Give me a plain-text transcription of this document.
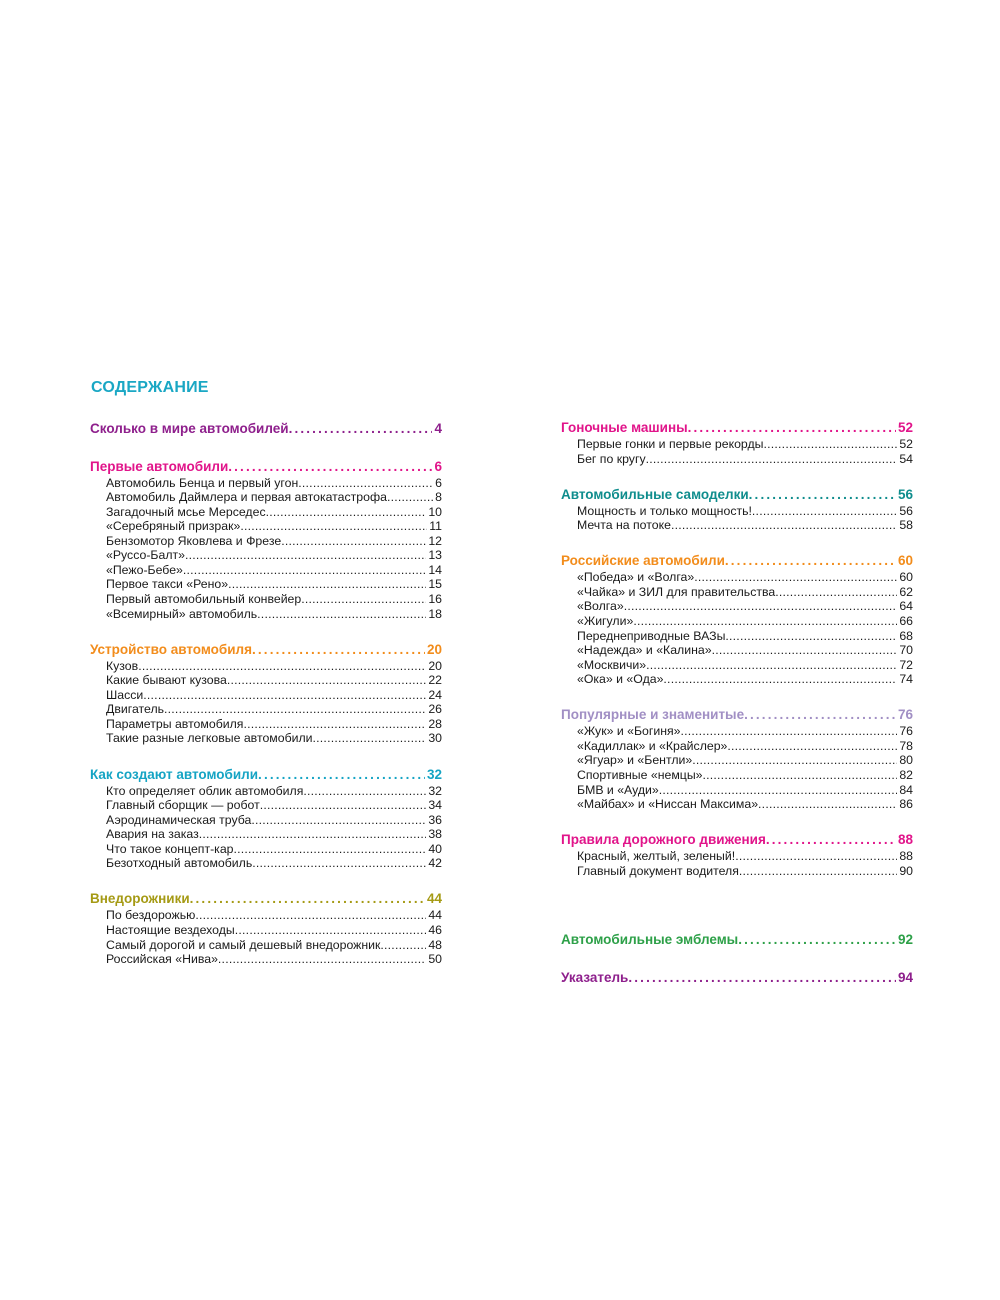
СОДЕРЖАНИЕ
Сколько в мире автомобилей . . .	4
Первые автомобили . . .	6
Автомобиль Бенца и первый угон . . .	6
Автомобиль Даймлера и первая автокатастрофа . . .	8
Загадочный мсье Мерседес . . .	10
«Серебряный призрак» . . .	11
Бензомотор Яковлева и Фрезе . . .	12
«Руссо-Балт» . . .	13
«Пежо-Бебе» . . .	14
Первое такси «Рено» . . .	15
Первый автомобильный конвейер . . .	16
«Всемирный» автомобиль . . .	18
Устройство автомобиля . . .	20
Кузов . . .	20
Какие бывают кузова . . .	22
Шасси . . .	24
Двигатель . . .	26
Параметры автомобиля . . .	28
Такие разные легковые автомобили . . .	30
Как создают автомобили . . .	32
Кто определяет облик автомобиля . . .	32
Главный сборщик — робот . . .	34
Аэродинамическая труба . . .	36
Авария на заказ . . .	38
Что такое концепт-кар . . .	40
Безотходный автомобиль . . .	42
Внедорожники . . .	44
По бездорожью . . .	44
Настоящие вездеходы . . .	46
Самый дорогой и самый дешевый внедорожник . . .	48
Российская «Нива» . . .	50
Гоночные машины . . .	52
Первые гонки и первые рекорды . . .	52
Бег по кругу . . .	54
Автомобильные самоделки . . .	56
Мощность и только мощность! . . .	56
Мечта на потоке . . .	58
Российские автомобили . . .	60
«Победа» и «Волга» . . .	60
«Чайка» и ЗИЛ для правительства . . .	62
«Волга» . . .	64
«Жигули» . . .	66
Переднеприводные ВАЗы . . .	68
«Надежда» и «Калина» . . .	70
«Москвичи» . . .	72
«Ока» и «Ода» . . .	74
Популярные и знаменитые . . .	76
«Жук» и «Богиня» . . .	76
«Кадиллак» и «Крайслер» . . .	78
«Ягуар» и «Бентли» . . .	80
Спортивные «немцы» . . .	82
БМВ и «Ауди» . . .	84
«Майбах» и «Ниссан Максима» . . .	86
Правила дорожного движения . . .	88
Красный, желтый, зеленый! . . .	88
Главный документ водителя . . .	90
Автомобильные эмблемы . . .	92
Указатель . . .	94
